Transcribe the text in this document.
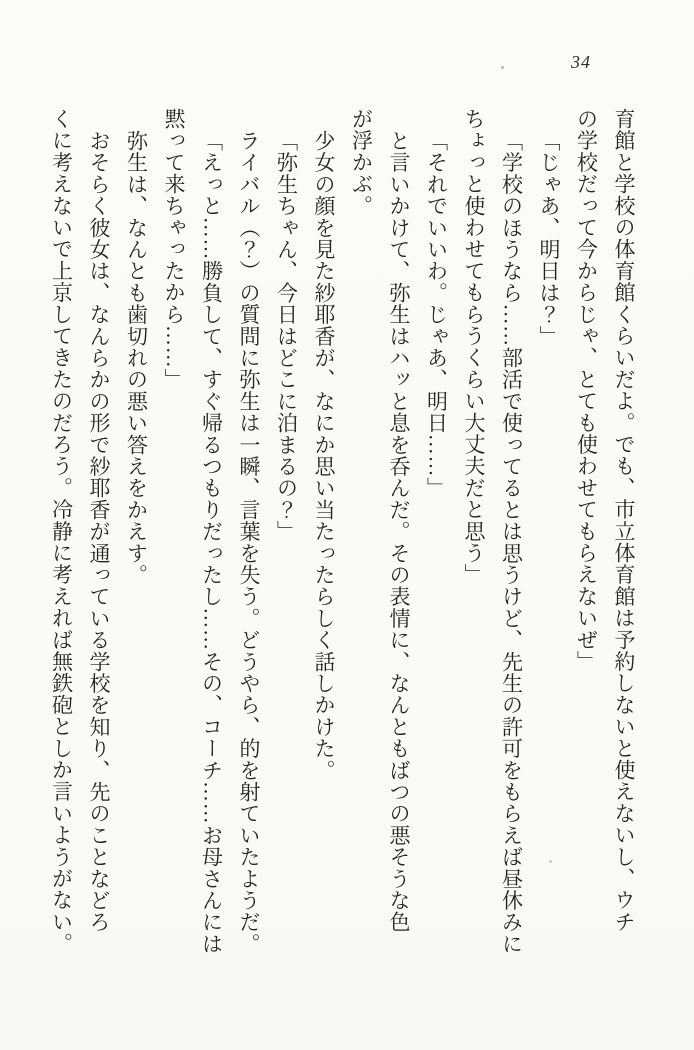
34
育館と学校の体育館くらいだよ。でも、市立体育館は予約しないと使えないし、ウチ
の学校だって今からじゃ、とても使わせてもらえないぜ」
「じゃあ、明日は？」
「学校のほうなら……部活で使ってるとは思うけど、先生の許可をもらえば昼休みに
ちょっと使わせてもらうくらい大丈夫だと思う」
「それでいいわ。じゃあ、明日……」
と言いかけて、弥生はハッと息を呑んだ。その表情に、なんともばつの悪そうな色
が浮かぶ。
少女の顔を見た紗耶香が、なにか思い当たったらしく話しかけた。
「弥生ちゃん、今日はどこに泊まるの？」
ライバル（？）の質問に弥生は一瞬、言葉を失う。どうやら、的を射ていたようだ。
「えっと……勝負して、すぐ帰るつもりだったし……その、コーチ……お母さんには
黙って来ちゃったから……」
弥生は、なんとも歯切れの悪い答えをかえす。
おそらく彼女は、なんらかの形で紗耶香が通っている学校を知り、先のことなどろ
くに考えないで上京してきたのだろう。冷静に考えれば無鉄砲としか言いようがない。
